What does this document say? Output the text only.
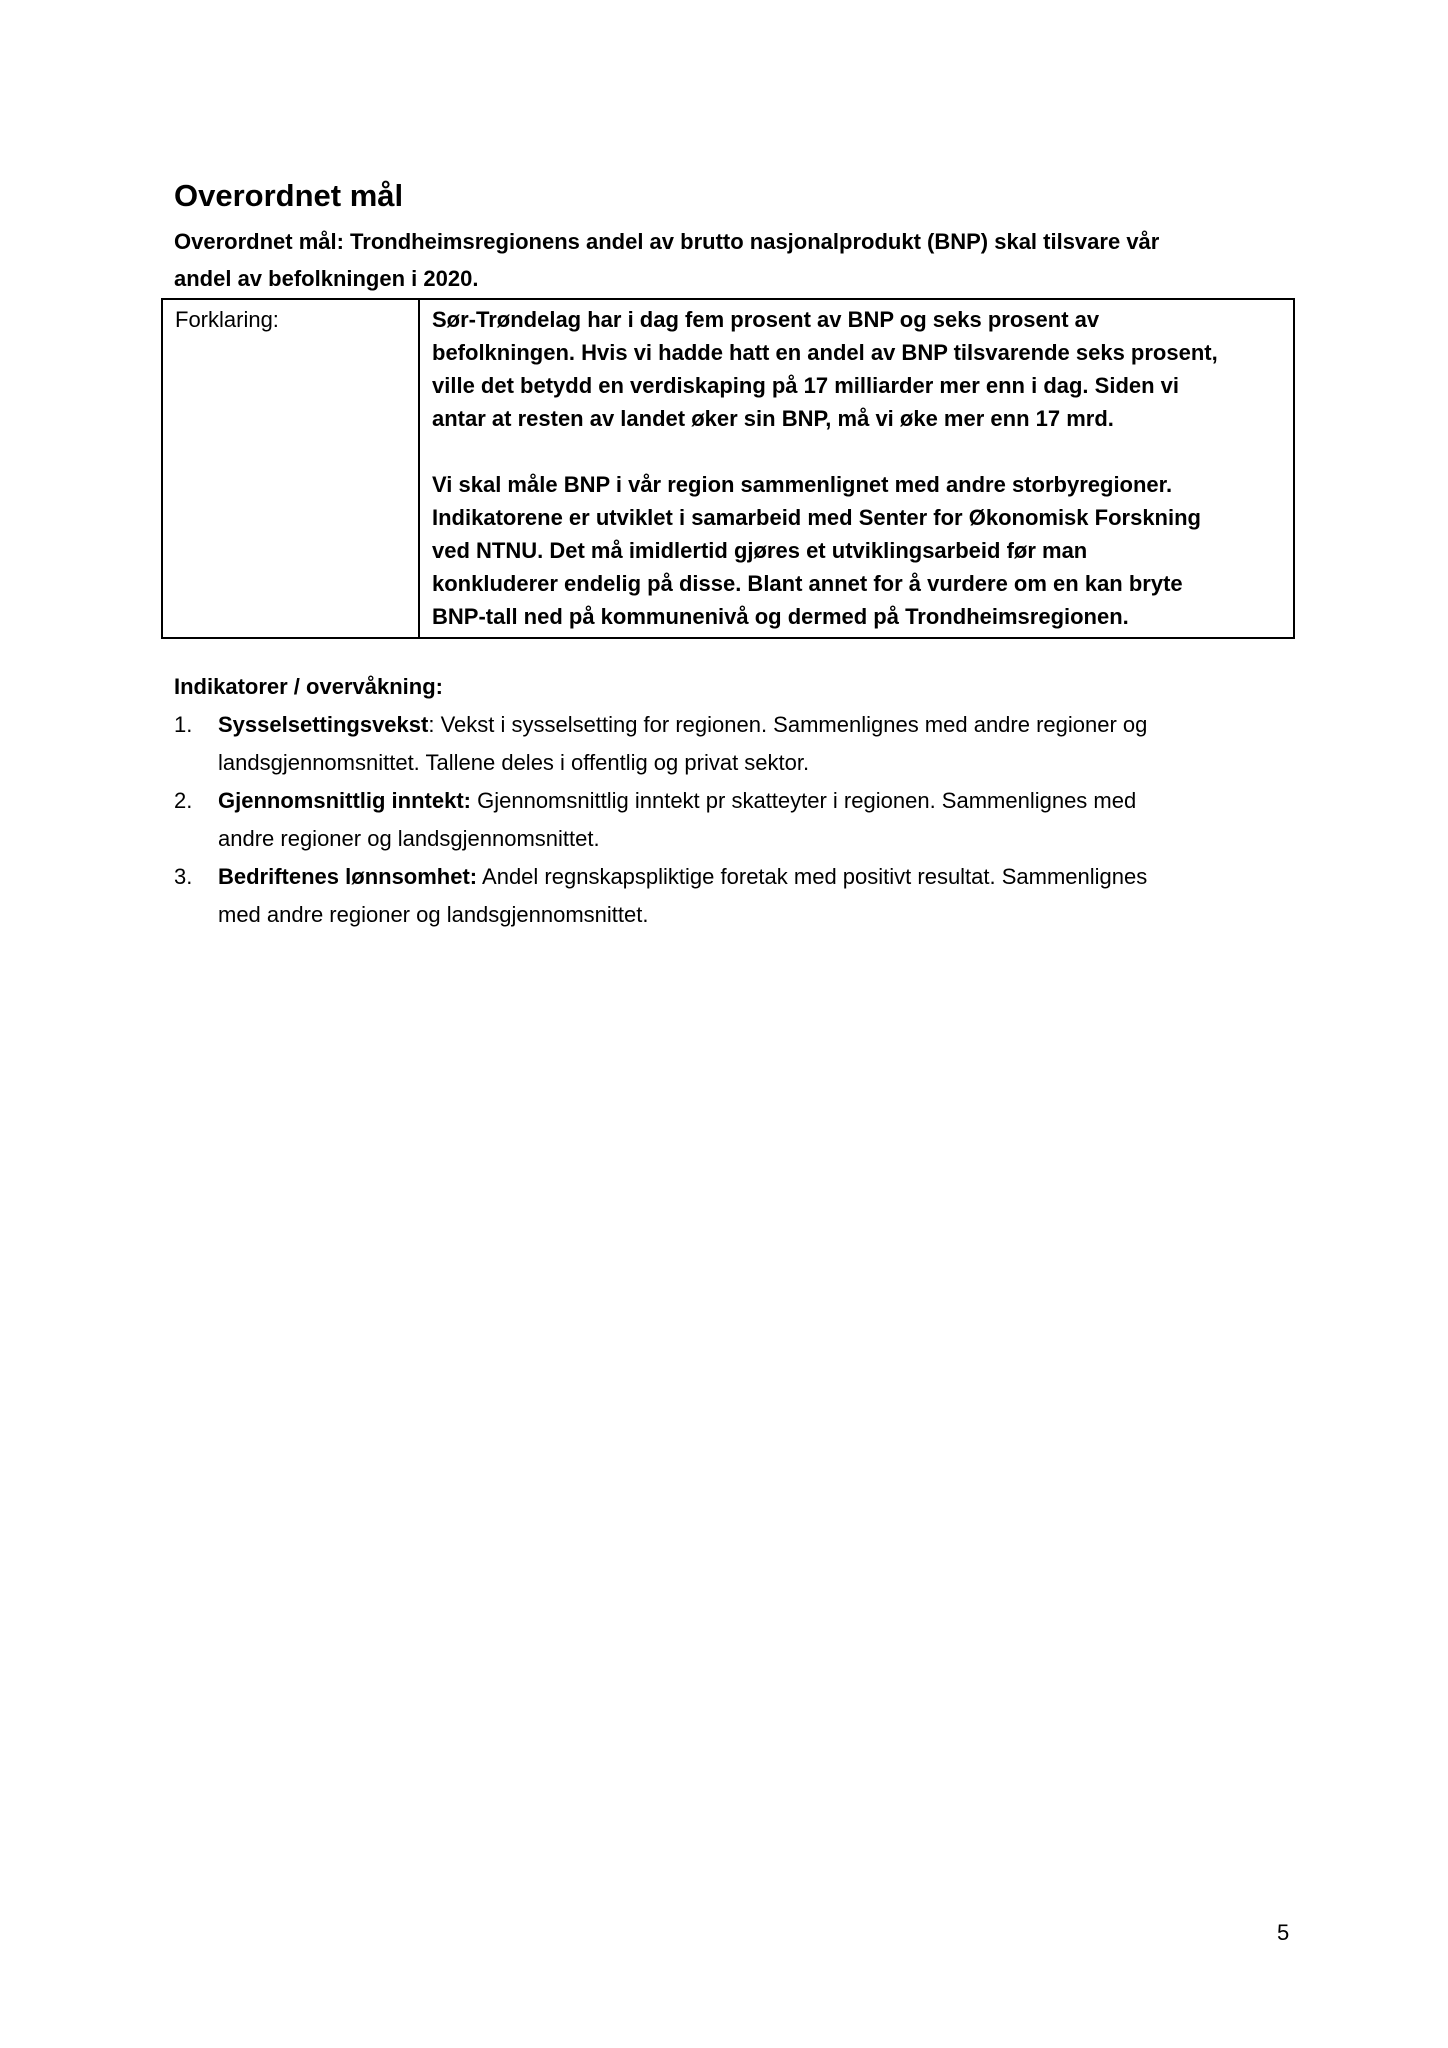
Overordnet mål

Overordnet mål: Trondheimsregionens andel av brutto nasjonalprodukt (BNP) skal tilsvare vår
andel av befolkningen i 2020.

Forklaring:	Sør-Trøndelag har i dag fem prosent av BNP og seks prosent av
befolkningen. Hvis vi hadde hatt en andel av BNP tilsvarende seks prosent,
ville det betydd en verdiskaping på 17 milliarder mer enn i dag. Siden vi
antar at resten av landet øker sin BNP, må vi øke mer enn 17 mrd.
Vi skal måle BNP i vår region sammenlignet med andre storbyregioner.
Indikatorene er utviklet i samarbeid med Senter for Økonomisk Forskning
ved NTNU. Det må imidlertid gjøres et utviklingsarbeid før man
konkluderer endelig på disse. Blant annet for å vurdere om en kan bryte
BNP-tall ned på kommunenivå og dermed på Trondheimsregionen.

Indikatorer / overvåkning:

1. Sysselsettingsvekst: Vekst i sysselsetting for regionen. Sammenlignes med andre regioner og
landsgjennomsnittet. Tallene deles i offentlig og privat sektor.
2. Gjennomsnittlig inntekt: Gjennomsnittlig inntekt pr skatteyter i regionen. Sammenlignes med
andre regioner og landsgjennomsnittet.
3. Bedriftenes lønnsomhet: Andel regnskapspliktige foretak med positivt resultat. Sammenlignes
med andre regioner og landsgjennomsnittet.
5
